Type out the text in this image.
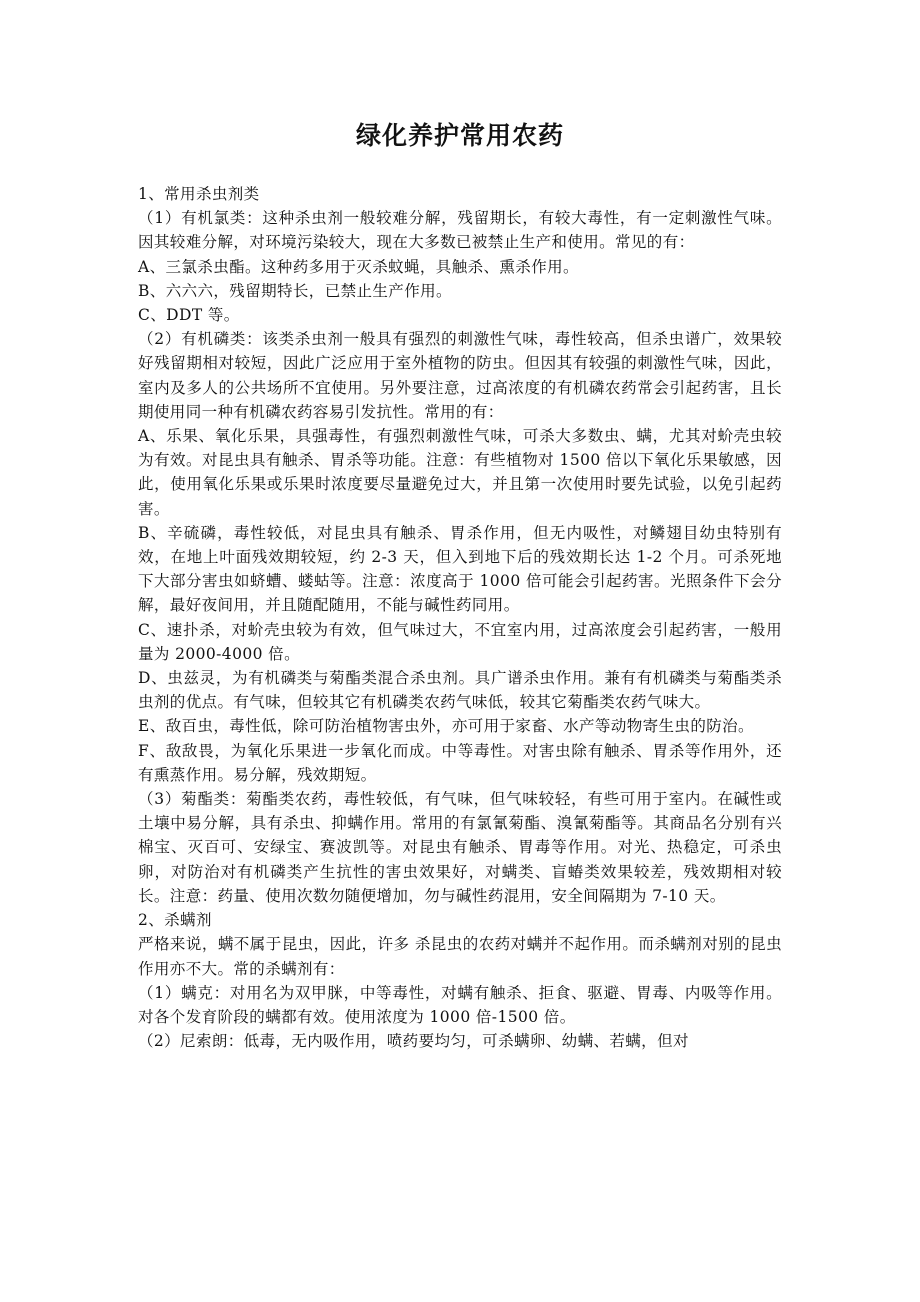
绿化养护常用农药

1、常用杀虫剂类

（1）有机氯类：这种杀虫剂一般较难分解，残留期长，有较大毒性，有一定刺激性气味。因其较难分解，对环境污染较大，现在大多数已被禁止生产和使用。常见的有：

A、三氯杀虫酯。这种药多用于灭杀蚊蝇，具触杀、熏杀作用。

B、六六六，残留期特长，已禁止生产作用。

C、DDT 等。

（2）有机磷类：该类杀虫剂一般具有强烈的刺激性气味，毒性较高，但杀虫谱广，效果较好残留期相对较短，因此广泛应用于室外植物的防虫。但因其有较强的刺激性气味，因此，室内及多人的公共场所不宜使用。另外要注意，过高浓度的有机磷农药常会引起药害，且长期使用同一种有机磷农药容易引发抗性。常用的有：

A、乐果、氧化乐果，具强毒性，有强烈刺激性气味，可杀大多数虫、螨，尤其对蚧壳虫较为有效。对昆虫具有触杀、胃杀等功能。注意：有些植物对 1500 倍以下氧化乐果敏感，因此，使用氧化乐果或乐果时浓度要尽量避免过大，并且第一次使用时要先试验，以免引起药害。

B、辛硫磷，毒性较低，对昆虫具有触杀、胃杀作用，但无内吸性，对鳞翅目幼虫特别有效，在地上叶面残效期较短，约 2-3 天，但入到地下后的残效期长达 1-2 个月。可杀死地下大部分害虫如蛴螬、蝼蛄等。注意：浓度高于 1000 倍可能会引起药害。光照条件下会分解，最好夜间用，并且随配随用，不能与碱性药同用。

C、速扑杀，对蚧壳虫较为有效，但气味过大，不宜室内用，过高浓度会引起药害，一般用量为 2000-4000 倍。

D、虫兹灵，为有机磷类与菊酯类混合杀虫剂。具广谱杀虫作用。兼有有机磷类与菊酯类杀虫剂的优点。有气味，但较其它有机磷类农药气味低，较其它菊酯类农药气味大。

E、敌百虫，毒性低，除可防治植物害虫外，亦可用于家畜、水产等动物寄生虫的防治。

F、敌敌畏，为氧化乐果进一步氧化而成。中等毒性。对害虫除有触杀、胃杀等作用外，还有熏蒸作用。易分解，残效期短。

（3）菊酯类：菊酯类农药，毒性较低，有气味，但气味较轻，有些可用于室内。在碱性或土壤中易分解，具有杀虫、抑螨作用。常用的有氯氰菊酯、溴氰菊酯等。其商品名分别有兴棉宝、灭百可、安绿宝、赛波凯等。对昆虫有触杀、胃毒等作用。对光、热稳定，可杀虫卵，对防治对有机磷类产生抗性的害虫效果好，对螨类、盲蝽类效果较差，残效期相对较长。注意：药量、使用次数勿随便增加，勿与碱性药混用，安全间隔期为 7-10 天。

2、杀螨剂

严格来说，螨不属于昆虫，因此，许多 杀昆虫的农药对螨并不起作用。而杀螨剂对别的昆虫作用亦不大。常的杀螨剂有：

（1）螨克：对用名为双甲脒，中等毒性，对螨有触杀、拒食、驱避、胃毒、内吸等作用。对各个发育阶段的螨都有效。使用浓度为 1000 倍-1500 倍。

（2）尼索朗：低毒，无内吸作用，喷药要均匀，可杀螨卵、幼螨、若螨，但对
